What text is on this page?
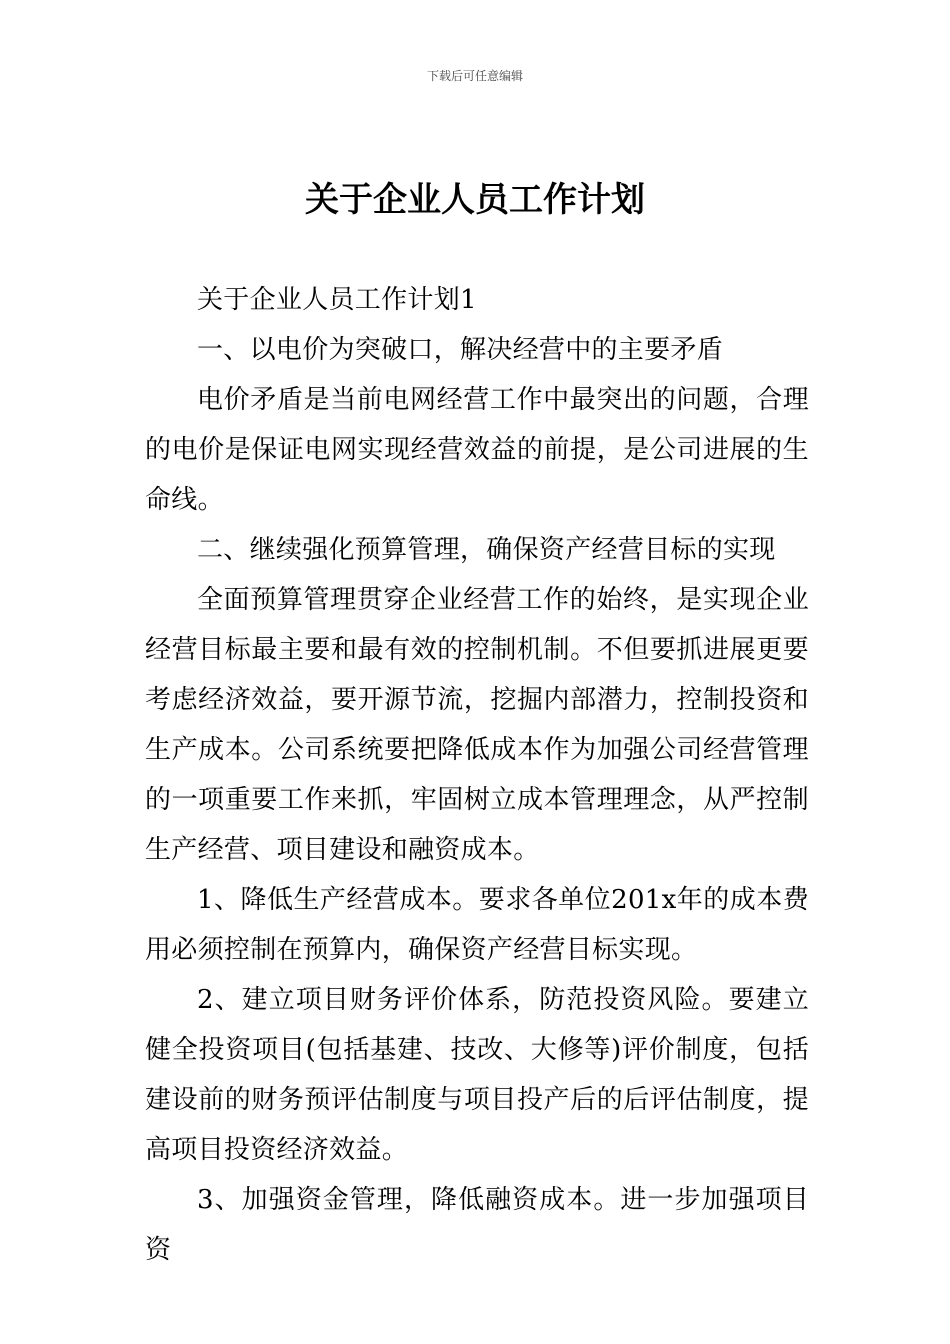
下载后可任意编辑
关于企业人员工作计划

关于企业人员工作计划1

一、以电价为突破口，解决经营中的主要矛盾

电价矛盾是当前电网经营工作中最突出的问题，合理的电价是保证电网实现经营效益的前提，是公司进展的生命线。

二、继续强化预算管理，确保资产经营目标的实现

全面预算管理贯穿企业经营工作的始终，是实现企业经营目标最主要和最有效的控制机制。不但要抓进展更要考虑经济效益，要开源节流，挖掘内部潜力，控制投资和生产成本。公司系统要把降低成本作为加强公司经营管理的一项重要工作来抓，牢固树立成本管理理念，从严控制生产经营、项目建设和融资成本。

1、降低生产经营成本。要求各单位201x年的成本费用必须控制在预算内，确保资产经营目标实现。

2、建立项目财务评价体系，防范投资风险。要建立健全投资项目(包括基建、技改、大修等)评价制度，包括建设前的财务预评估制度与项目投产后的后评估制度，提高项目投资经济效益。

3、加强资金管理，降低融资成本。进一步加强项目资
